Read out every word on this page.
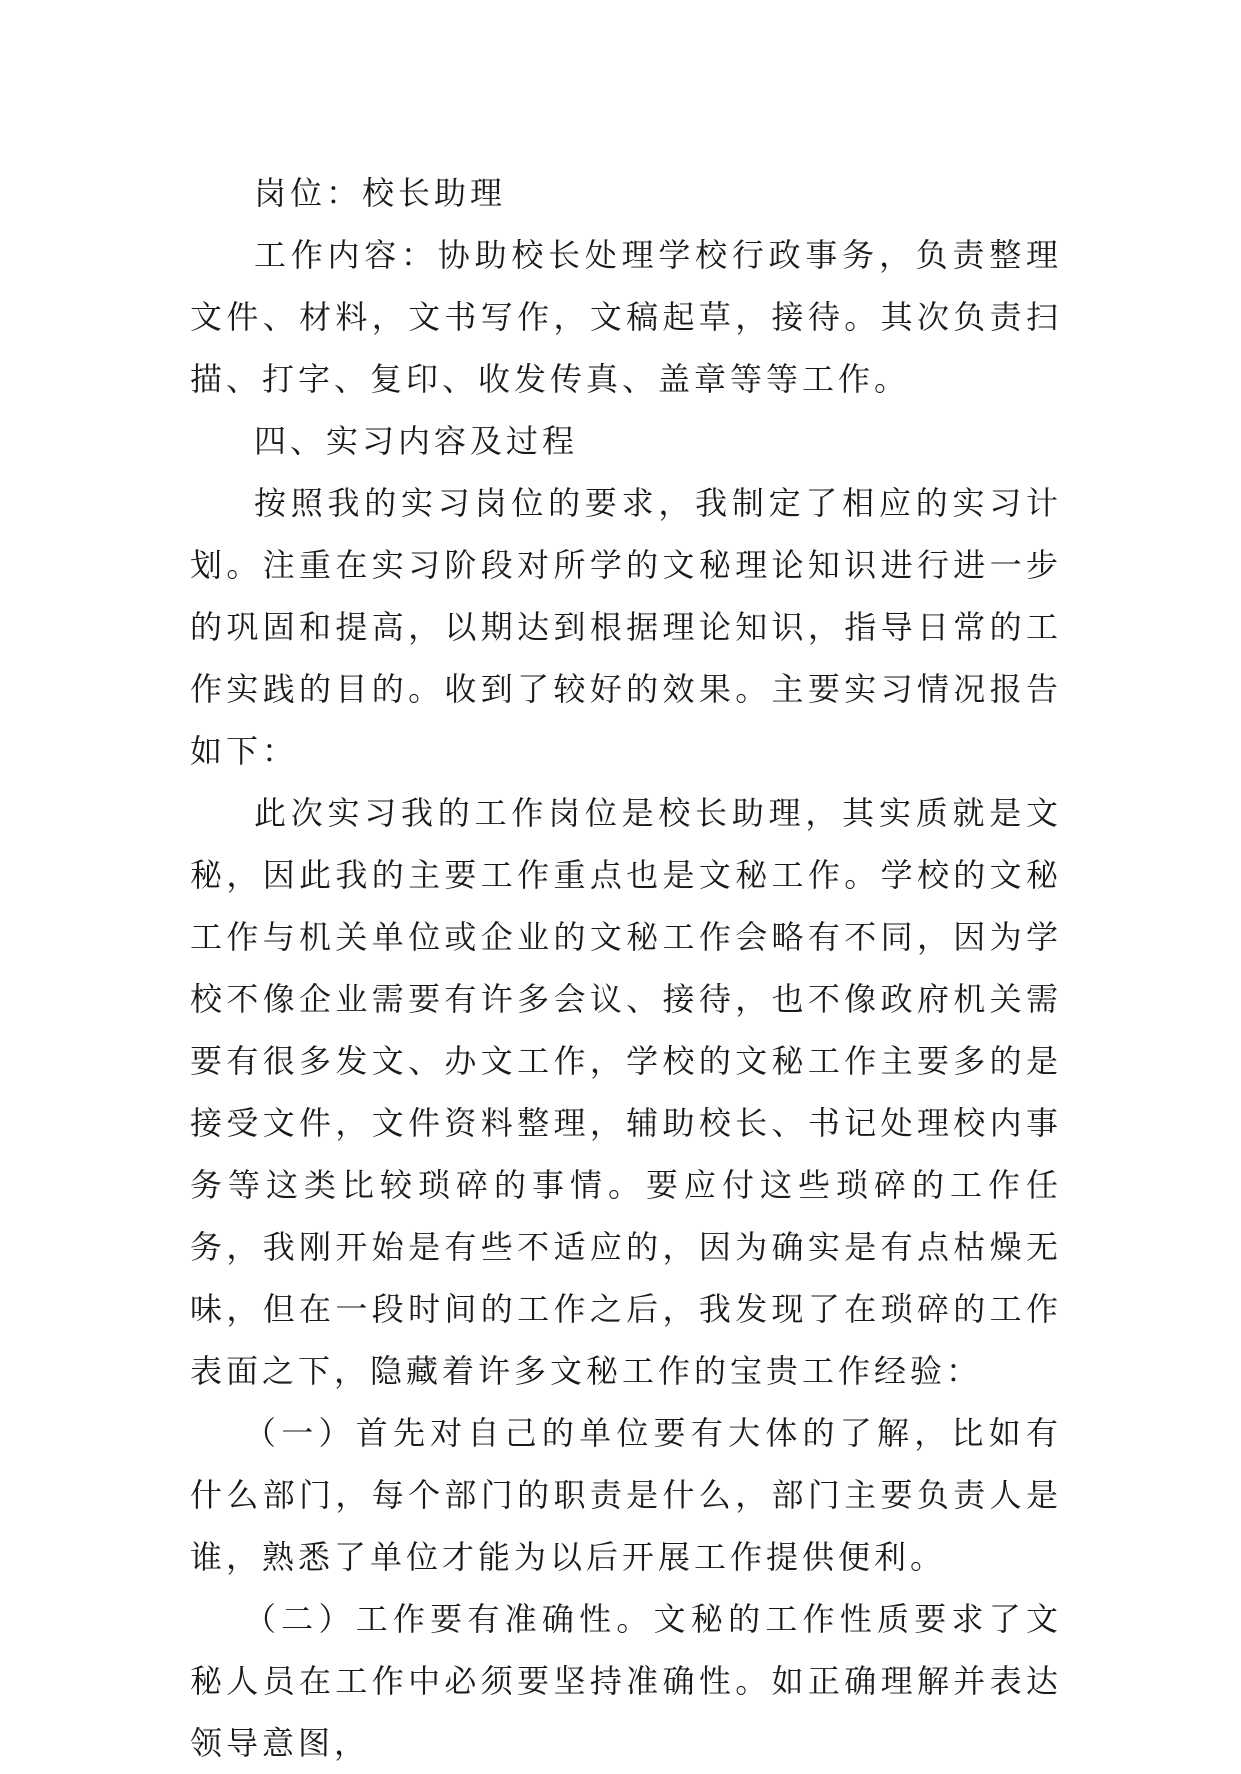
岗位：校长助理

工作内容：协助校长处理学校行政事务，负责整理文件、材料，文书写作，文稿起草，接待。其次负责扫描、打字、复印、收发传真、盖章等等工作。

四、实习内容及过程

按照我的实习岗位的要求，我制定了相应的实习计划。注重在实习阶段对所学的文秘理论知识进行进一步的巩固和提高，以期达到根据理论知识，指导日常的工作实践的目的。收到了较好的效果。主要实习情况报告如下：

此次实习我的工作岗位是校长助理，其实质就是文秘，因此我的主要工作重点也是文秘工作。学校的文秘工作与机关单位或企业的文秘工作会略有不同，因为学校不像企业需要有许多会议、接待，也不像政府机关需要有很多发文、办文工作，学校的文秘工作主要多的是接受文件，文件资料整理，辅助校长、书记处理校内事务等这类比较琐碎的事情。要应付这些琐碎的工作任务，我刚开始是有些不适应的，因为确实是有点枯燥无味，但在一段时间的工作之后，我发现了在琐碎的工作表面之下，隐藏着许多文秘工作的宝贵工作经验：

（一）首先对自己的单位要有大体的了解，比如有什么部门，每个部门的职责是什么，部门主要负责人是谁，熟悉了单位才能为以后开展工作提供便利。

（二）工作要有准确性。文秘的工作性质要求了文秘人员在工作中必须要坚持准确性。如正确理解并表达领导意图，
